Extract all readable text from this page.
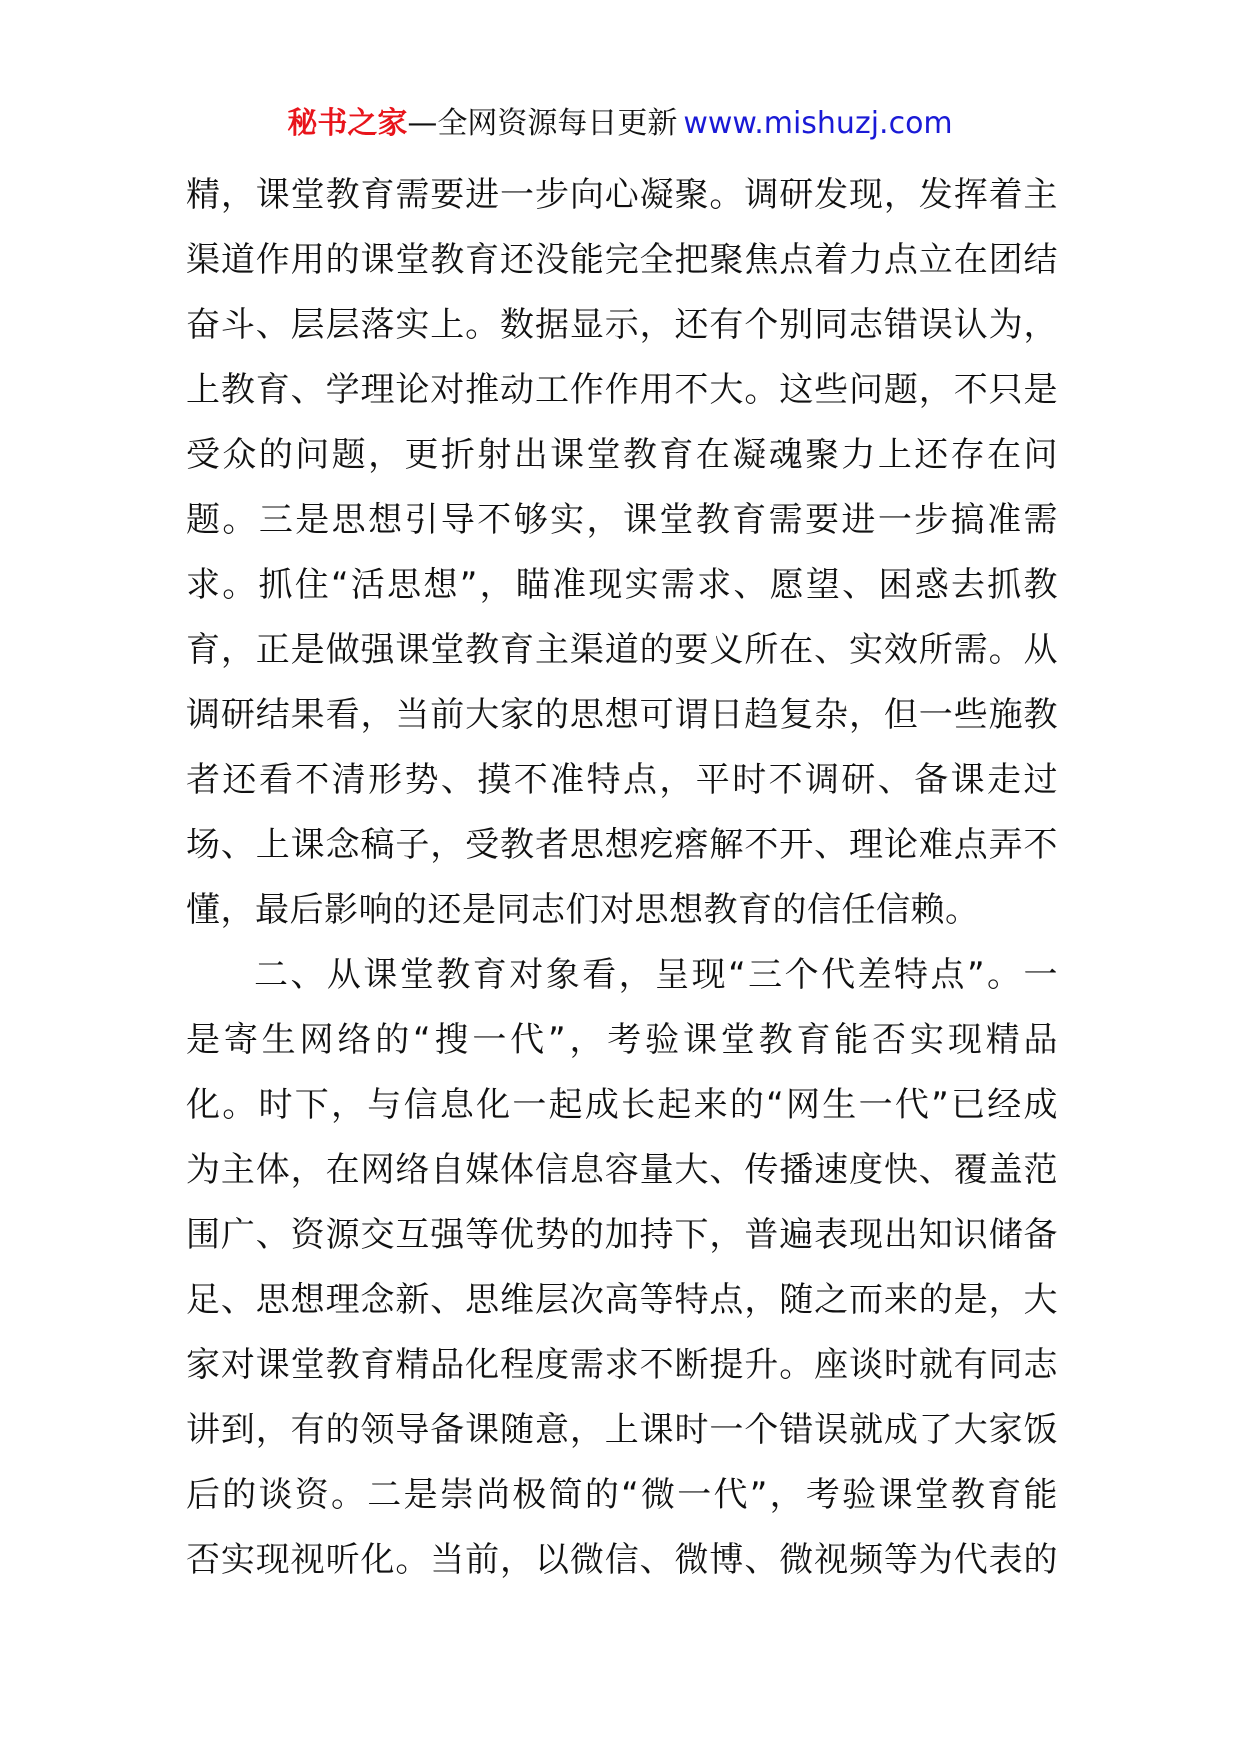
秘书之家—全网资源每日更新 www.mishuzj.com
精，课堂教育需要进一步向心凝聚。调研发现，发挥着主
渠道作用的课堂教育还没能完全把聚焦点着力点立在团结
奋斗、层层落实上。数据显示，还有个别同志错误认为，
上教育、学理论对推动工作作用不大。这些问题，不只是
受众的问题，更折射出课堂教育在凝魂聚力上还存在问
题。三是思想引导不够实，课堂教育需要进一步搞准需
求。抓住“活思想”，瞄准现实需求、愿望、困惑去抓教
育，正是做强课堂教育主渠道的要义所在、实效所需。从
调研结果看，当前大家的思想可谓日趋复杂，但一些施教
者还看不清形势、摸不准特点，平时不调研、备课走过
场、上课念稿子，受教者思想疙瘩解不开、理论难点弄不
懂，最后影响的还是同志们对思想教育的信任信赖。
二、从课堂教育对象看，呈现“三个代差特点”。一
是寄生网络的“搜一代”，考验课堂教育能否实现精品
化。时下，与信息化一起成长起来的“网生一代”已经成
为主体，在网络自媒体信息容量大、传播速度快、覆盖范
围广、资源交互强等优势的加持下，普遍表现出知识储备
足、思想理念新、思维层次高等特点，随之而来的是，大
家对课堂教育精品化程度需求不断提升。座谈时就有同志
讲到，有的领导备课随意，上课时一个错误就成了大家饭
后的谈资。二是崇尚极简的“微一代”，考验课堂教育能
否实现视听化。当前，以微信、微博、微视频等为代表的
